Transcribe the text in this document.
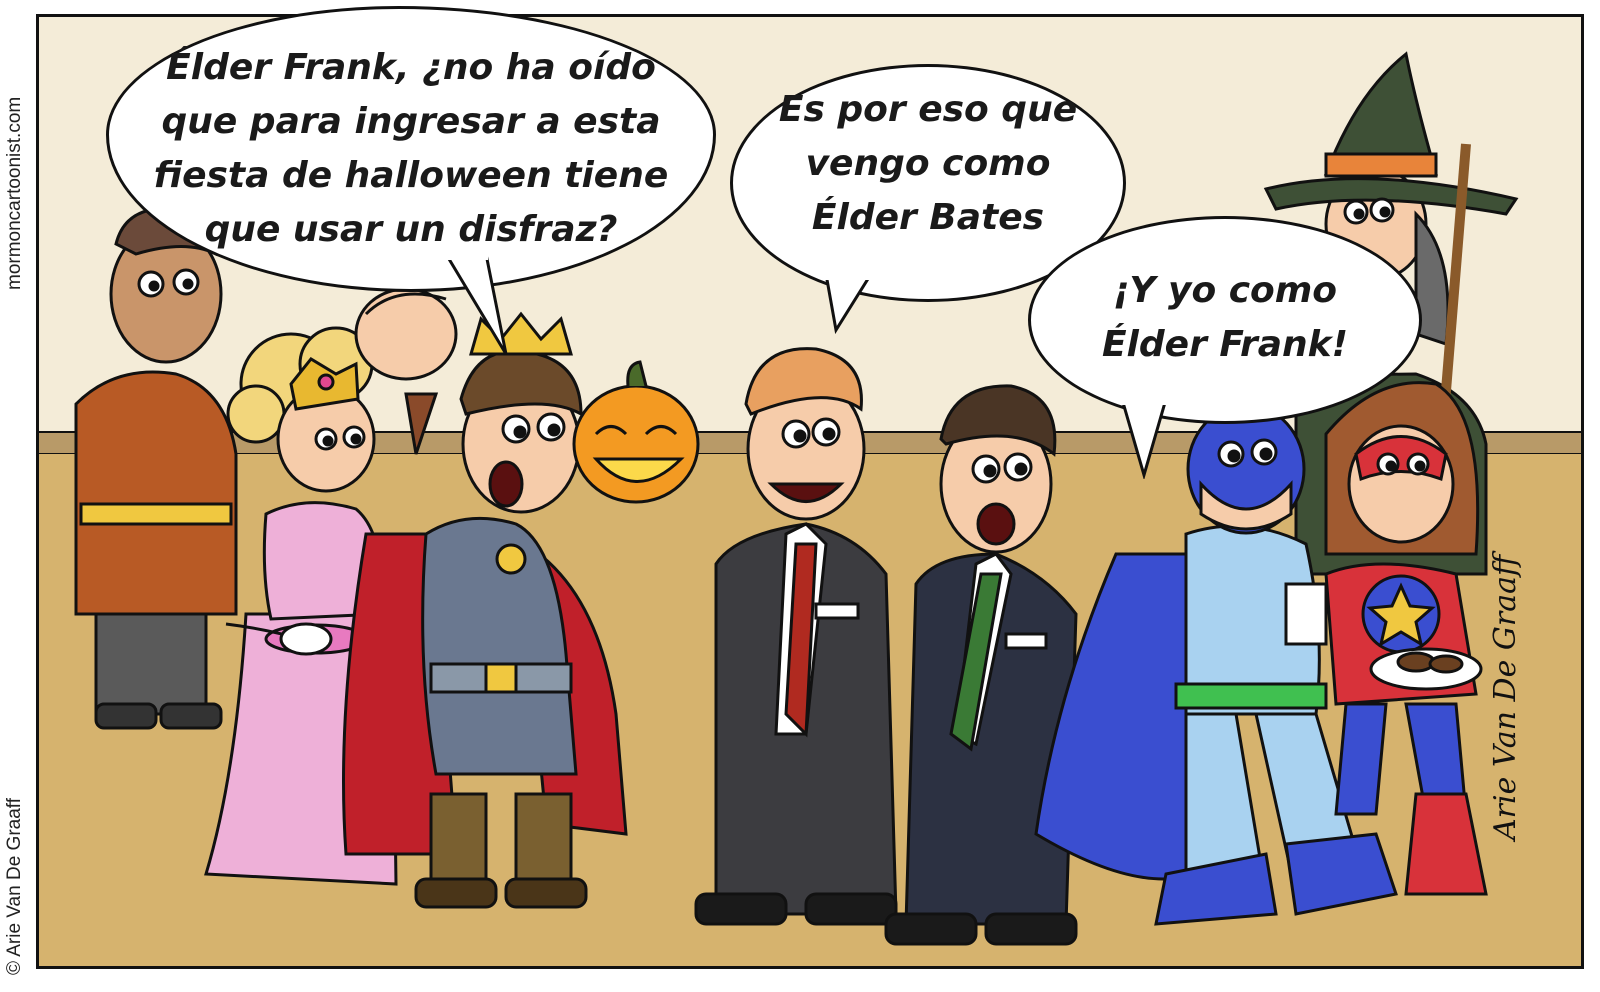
mormoncartoonist.com
© Arie Van De Graaff
Élder Frank, ¿no ha oído
que para ingresar a esta
fiesta de halloween tiene
que usar un disfraz?
Es por eso que
vengo como
Élder Bates
¡Y yo como
Élder Frank!
Arie Van De Graaff
